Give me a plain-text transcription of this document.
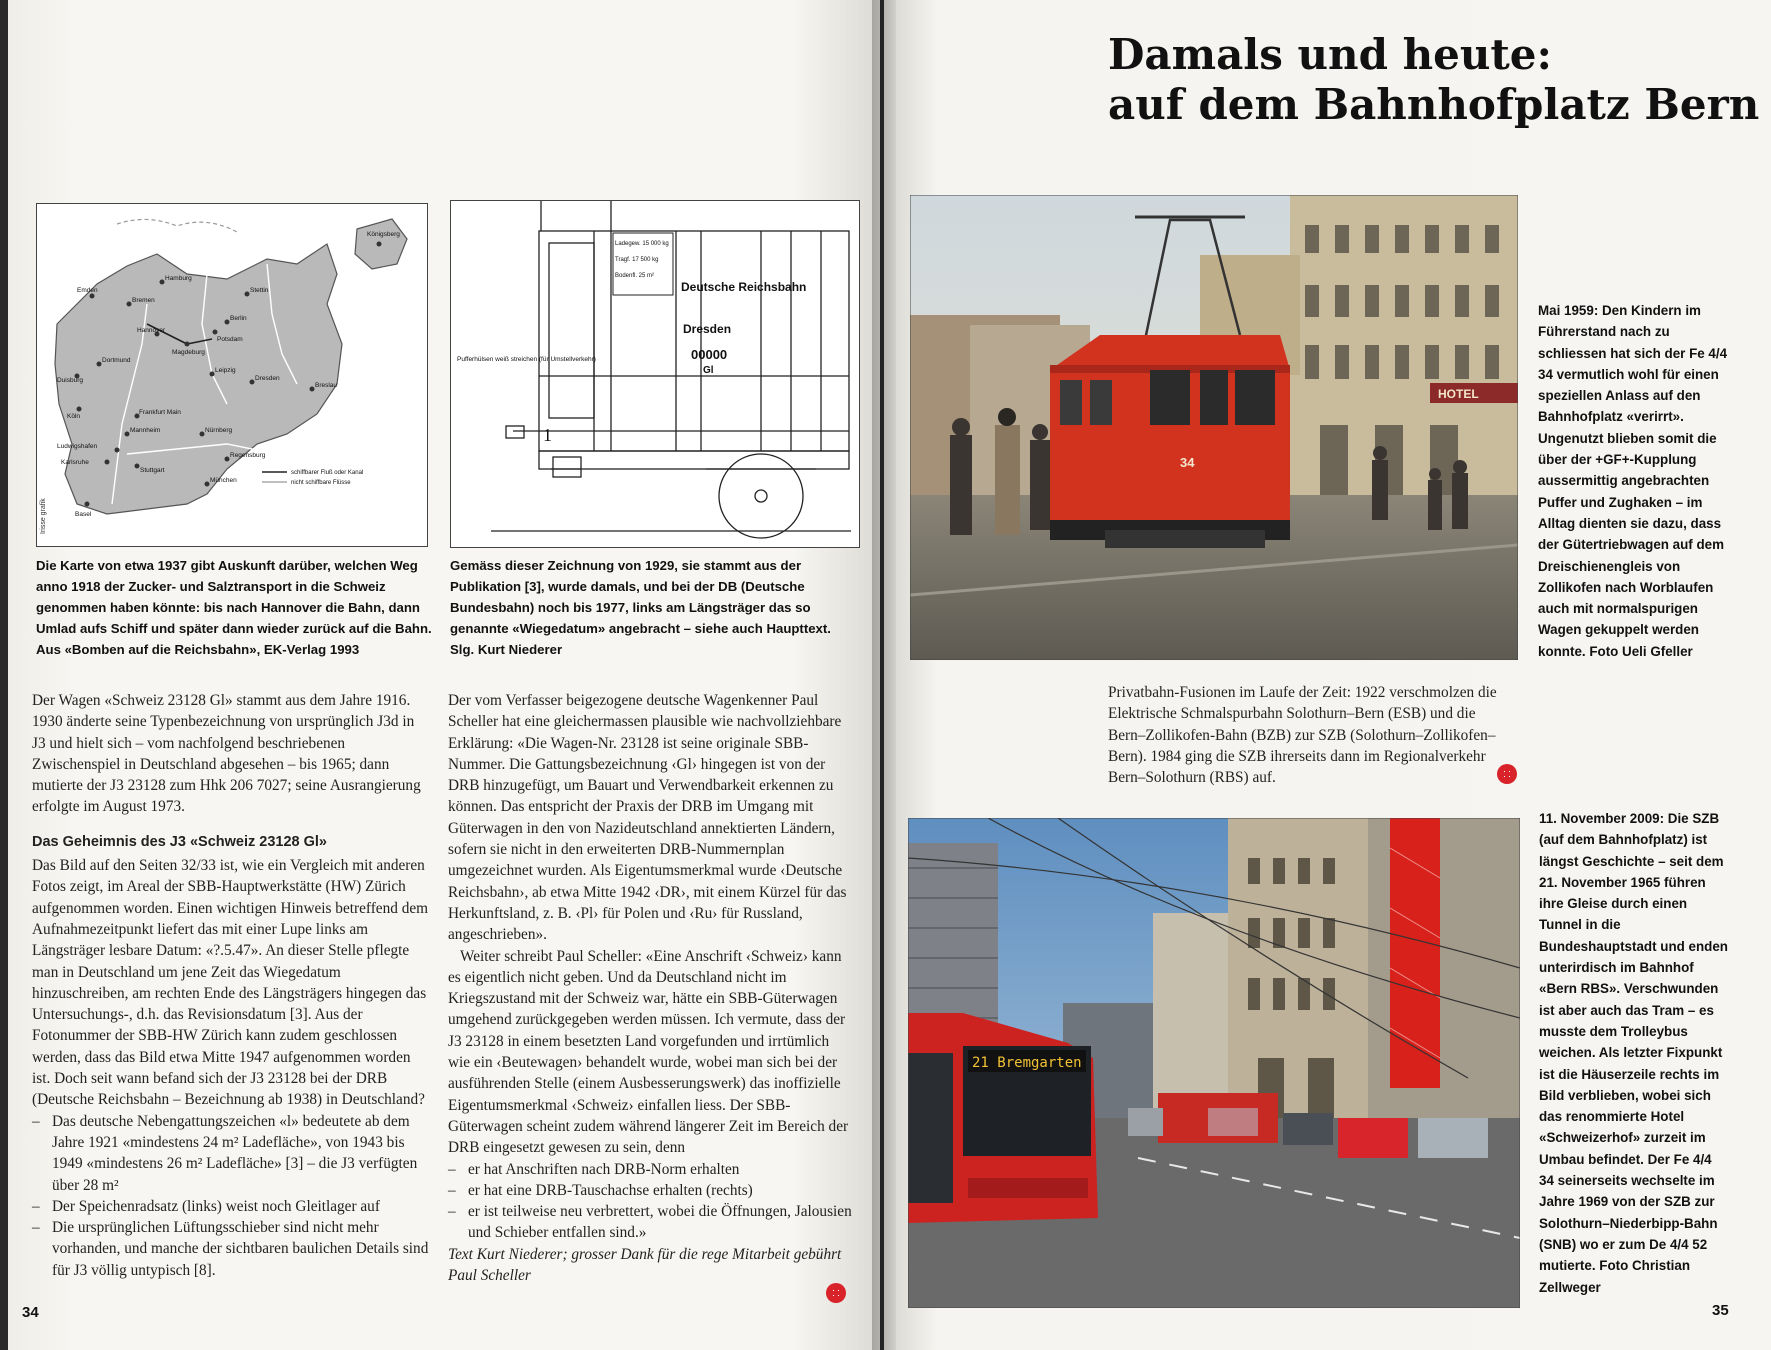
Königsberg
Hamburg
Stettin
Emden
Bremen
Berlin
Hannover
Magdeburg
Potsdam
Dortmund
Duisburg
Leipzig
Dresden
Köln
Breslau
Frankfurt Main
Mannheim	Nürnberg
Ludwigshafen
Karlsruhe
Stuttgart
Regensburg
München
Basel
schiffbarer Fluß oder Kanal
nicht schiffbare Flüsse
Irisse grafik
Ladegew. 15 000 kg
Tragf. 17 500 kg
Bodenfl. 25 m²
Deutsche Reichsbahn
Dresden
00000
Gl
Pufferhülsen weiß streichen (für Umstellverkehr)
1

Die Karte von etwa 1937 gibt Auskunft darüber, welchen Weg anno 1918 der Zucker- und Salztransport in die Schweiz genommen haben könnte: bis nach Hannover die Bahn, dann Umlad aufs Schiff und später dann wieder zurück auf die Bahn. Aus «Bomben auf die Reichsbahn», EK-Verlag 1993

Gemäss dieser Zeichnung von 1929, sie stammt aus der Publikation [3], wurde damals, und bei der DB (Deutsche Bundesbahn) noch bis 1977, links am Längsträger das so genannte «Wiegedatum» angebracht – siehe auch Haupttext. Slg. Kurt Niederer

Der Wagen «Schweiz 23128 Gl» stammt aus dem Jahre 1916. 1930 änderte seine Typenbezeichnung von ursprünglich J3d in J3 und hielt sich – vom nachfolgend beschriebenen Zwischenspiel in Deutschland abgesehen – bis 1965; dann mutierte der J3 23128 zum Hhk 206 7027; seine Ausrangierung erfolgte im August 1973.

Das Geheimnis des J3 «Schweiz 23128 Gl»

Das Bild auf den Seiten 32/33 ist, wie ein Vergleich mit anderen Fotos zeigt, im Areal der SBB-Hauptwerkstätte (HW) Zürich aufgenommen worden. Einen wichtigen Hinweis betreffend dem Aufnahmezeitpunkt liefert das mit einer Lupe links am Längsträger lesbare Datum: «?.5.47». An dieser Stelle pflegte man in Deutschland um jene Zeit das Wiegedatum hinzuschreiben, am rechten Ende des Längsträgers hingegen das Untersuchungs-, d.h. das Revisionsdatum [3]. Aus der Fotonummer der SBB-HW Zürich kann zudem geschlossen werden, dass das Bild etwa Mitte 1947 aufgenommen worden ist. Doch seit wann befand sich der J3 23128 bei der DRB (Deutsche Reichsbahn – Bezeichnung ab 1938) in Deutschland?

– Das deutsche Nebengattungszeichen «l» bedeutete ab dem Jahre 1921 «mindestens 24 m² Ladefläche», von 1943 bis 1949 «mindestens 26 m² Ladefläche» [3] – die J3 verfügten über 28 m²
– Der Speichenradsatz (links) weist noch Gleitlager auf
– Die ursprünglichen Lüftungsschieber sind nicht mehr vorhanden, und manche der sichtbaren baulichen Details sind für J3 völlig untypisch [8].

Der vom Verfasser beigezogene deutsche Wagenkenner Paul Scheller hat eine gleichermassen plausible wie nachvollziehbare Erklärung: «Die Wagen-Nr. 23128 ist seine originale SBB-Nummer. Die Gattungsbezeichnung ‹Gl› hingegen ist von der DRB hinzugefügt, um Bauart und Verwendbarkeit erkennen zu können. Das entspricht der Praxis der DRB im Umgang mit Güterwagen in den von Nazideutschland annektierten Ländern, sofern sie nicht in den erweiterten DRB-Nummernplan umgezeichnet wurden. Als Eigentumsmerkmal wurde ‹Deutsche Reichsbahn›, ab etwa Mitte 1942 ‹DR›, mit einem Kürzel für das Herkunftsland, z. B. ‹Pl› für Polen und ‹Ru› für Russland, angeschrieben».

Weiter schreibt Paul Scheller: «Eine Anschrift ‹Schweiz› kann es eigentlich nicht geben. Und da Deutschland nicht im Kriegszustand mit der Schweiz war, hätte ein SBB-Güterwagen umgehend zurückgegeben werden müssen. Ich vermute, dass der J3 23128 in einem besetzten Land vorgefunden und irrtümlich wie ein ‹Beutewagen› behandelt wurde, wobei man sich bei der ausführenden Stelle (einem Ausbesserungswerk) das inoffizielle Eigentumsmerkmal ‹Schweiz› einfallen liess. Der SBB-Güterwagen scheint zudem während längerer Zeit im Bereich der DRB eingesetzt gewesen zu sein, denn

– er hat Anschriften nach DRB-Norm erhalten
– er hat eine DRB-Tauschachse erhalten (rechts)
– er ist teilweise neu verbrettert, wobei die Öffnungen, Jalousien und Schieber entfallen sind.»

Text Kurt Niederer; grosser Dank für die rege Mitarbeit gebührt Paul Scheller

34
Damals und heute:
auf dem Bahnhofplatz Bern
HOTEL
34

Mai 1959: Den Kindern im Führerstand nach zu schliessen hat sich der Fe 4/4 34 vermutlich wohl für einen speziellen Anlass auf den Bahnhofplatz «verirrt». Ungenutzt blieben somit die über der +GF+-Kupplung aussermittig angebrachten Puffer und Zughaken – im Alltag dienten sie dazu, dass der Gütertriebwagen auf dem Dreischienengleis von Zollikofen nach Worblaufen auch mit normalspurigen Wagen gekuppelt werden konnte. Foto Ueli Gfeller

Privatbahn-Fusionen im Laufe der Zeit: 1922 verschmolzen die Elektrische Schmalspurbahn Solothurn–Bern (ESB) und die Bern–Zollikofen-Bahn (BZB) zur SZB (Solothurn–Zollikofen–Bern). 1984 ging die SZB ihrerseits dann im Regionalverkehr Bern–Solothurn (RBS) auf.

21 Bremgarten

11. November 2009: Die SZB (auf dem Bahnhofplatz) ist längst Geschichte – seit dem 21. November 1965 führen ihre Gleise durch einen Tunnel in die Bundeshauptstadt und enden unterirdisch im Bahnhof «Bern RBS». Verschwunden ist aber auch das Tram – es musste dem Trolleybus weichen. Als letzter Fixpunkt ist die Häuserzeile rechts im Bild verblieben, wobei sich das renommierte Hotel «Schweizerhof» zurzeit im Umbau befindet. Der Fe 4/4 34 seinerseits wechselte im Jahre 1969 von der SZB zur Solothurn–Niederbipp-Bahn (SNB) wo er zum De 4/4 52 mutierte. Foto Christian Zellweger

35
